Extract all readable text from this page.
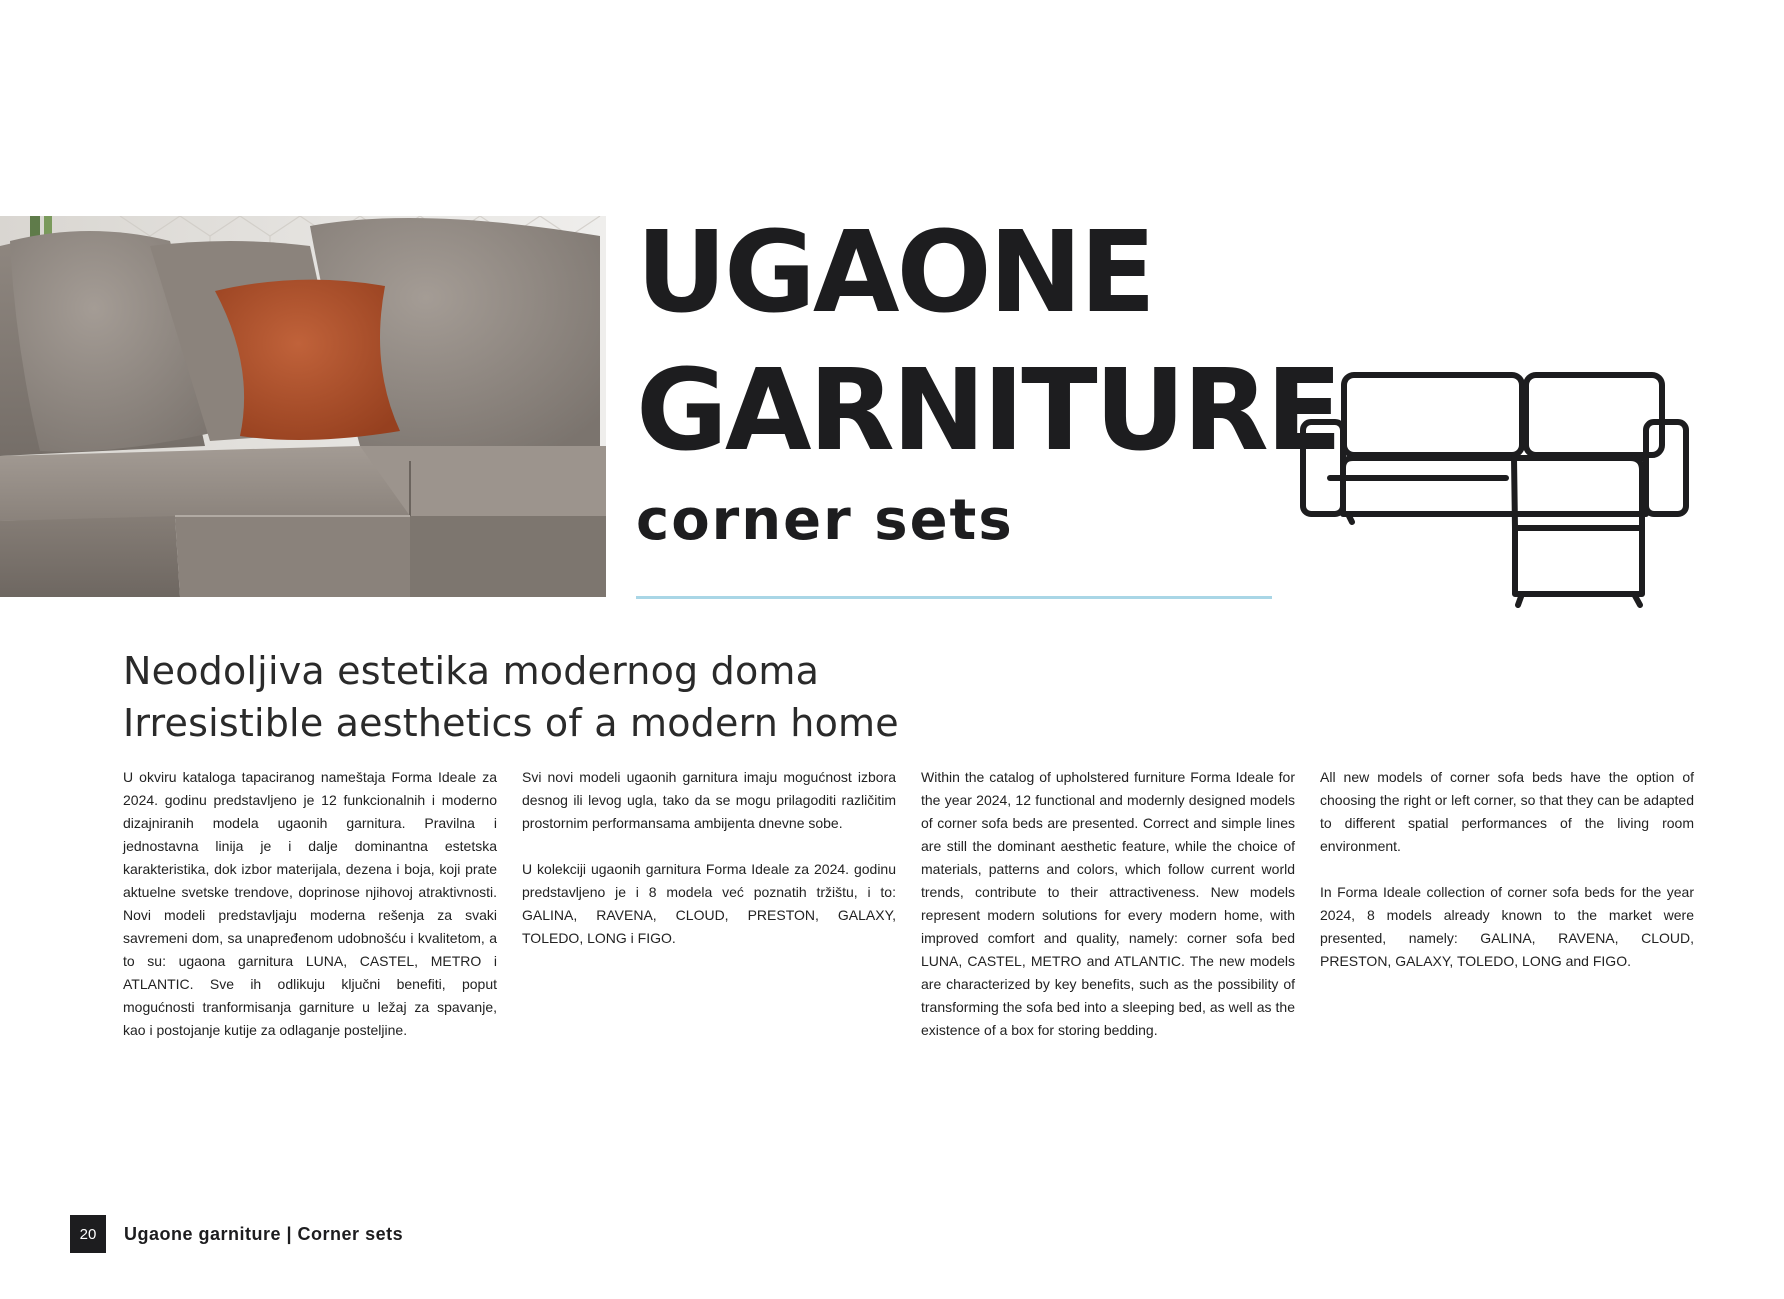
UGAONE
GARNITURE
corner sets
Neodoljiva estetika modernog doma
Irresistible aesthetics of a modern home

U okviru kataloga tapaciranog nameštaja Forma Ideale za 2024. godinu predstavljeno je 12 funkcionalnih i moderno dizajniranih modela ugaonih garnitura. Pravilna i jednostavna linija je i dalje dominantna estetska karakteristika, dok izbor materijala, dezena i boja, koji prate aktuelne svetske trendove, doprinose njihovoj atraktivnosti. Novi modeli predstavljaju moderna rešenja za svaki savremeni dom, sa unapređenom udobnošću i kvalitetom, a to su: ugaona garnitura LUNA, CASTEL, METRO i ATLANTIC. Sve ih odlikuju ključni benefiti, poput mogućnosti tranformisanja garniture u ležaj za spavanje, kao i postojanje kutije za odlaganje posteljine.

Svi novi modeli ugaonih garnitura imaju mogućnost izbora desnog ili levog ugla, tako da se mogu prilagoditi različitim prostornim performansama ambijenta dnevne sobe.

U kolekciji ugaonih garnitura Forma Ideale za 2024. godinu predstavljeno je i 8 modela već poznatih tržištu, i to: GALINA, RAVENA, CLOUD, PRESTON, GALAXY, TOLEDO, LONG i FIGO.

Within the catalog of upholstered furniture Forma Ideale for the year 2024, 12 functional and modernly designed models of corner sofa beds are presented. Correct and simple lines are still the dominant aesthetic feature, while the choice of materials, patterns and colors, which follow current world trends, contribute to their attractiveness. New models represent modern solutions for every modern home, with improved comfort and quality, namely: corner sofa bed LUNA, CASTEL, METRO and ATLANTIC. The new models are characterized by key benefits, such as the possibility of transforming the sofa bed into a sleeping bed, as well as the existence of a box for storing bedding.

All new models of corner sofa beds have the option of choosing the right or left corner, so that they can be adapted to different spatial performances of the living room environment.

In Forma Ideale collection of corner sofa beds for the year 2024, 8 models already known to the market were presented, namely: GALINA, RAVENA, CLOUD, PRESTON, GALAXY, TOLEDO, LONG and FIGO.

20	Ugaone garniture | Corner sets
